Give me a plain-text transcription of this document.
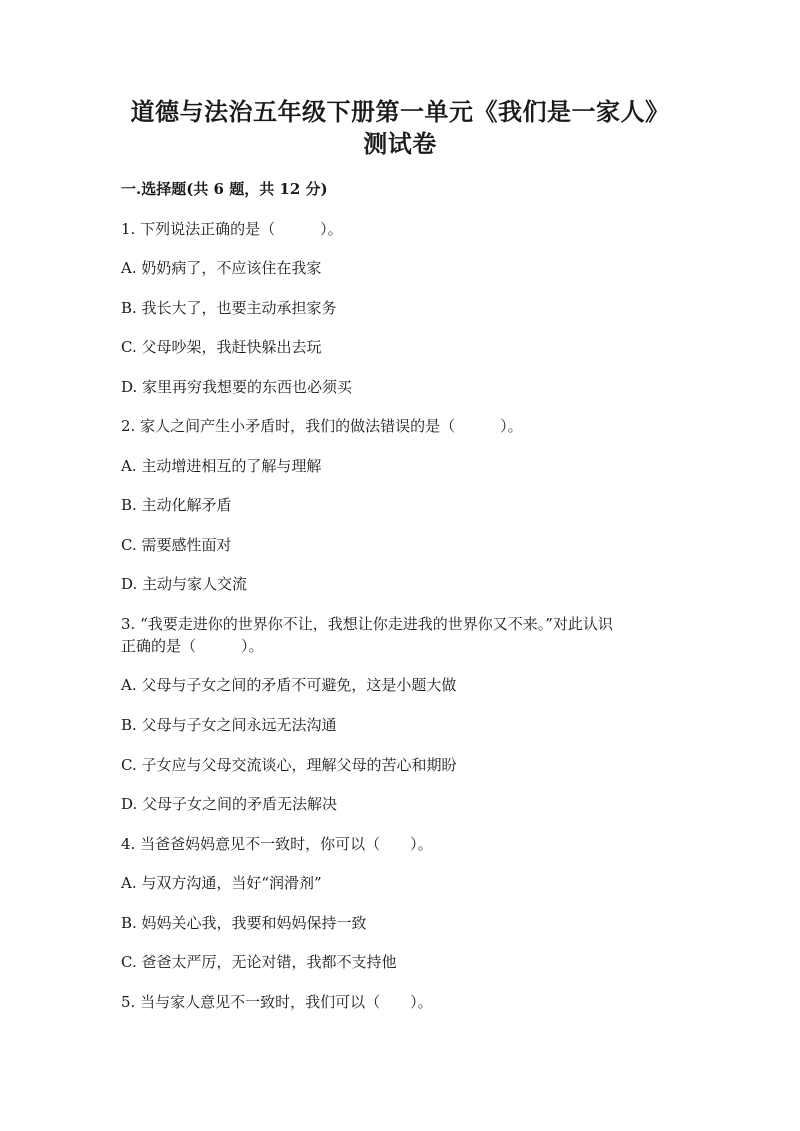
道德与法治五年级下册第一单元《我们是一家人》
测试卷
一.选择题(共 6 题，共 12 分)
1. 下列说法正确的是（　　　）。
A. 奶奶病了，不应该住在我家
B. 我长大了，也要主动承担家务
C. 父母吵架，我赶快躲出去玩
D. 家里再穷我想要的东西也必须买
2. 家人之间产生小矛盾时，我们的做法错误的是（　　　）。
A. 主动增进相互的了解与理解
B. 主动化解矛盾
C. 需要感性面对
D. 主动与家人交流
3. “我要走进你的世界你不让，我想让你走进我的世界你又不来。”对此认识
正确的是（　　　）。
A. 父母与子女之间的矛盾不可避免，这是小题大做
B. 父母与子女之间永远无法沟通
C. 子女应与父母交流谈心，理解父母的苦心和期盼
D. 父母子女之间的矛盾无法解决
4. 当爸爸妈妈意见不一致时，你可以（　　）。
A. 与双方沟通，当好“润滑剂”
B. 妈妈关心我，我要和妈妈保持一致
C. 爸爸太严厉，无论对错，我都不支持他
5. 当与家人意见不一致时，我们可以（　　）。
